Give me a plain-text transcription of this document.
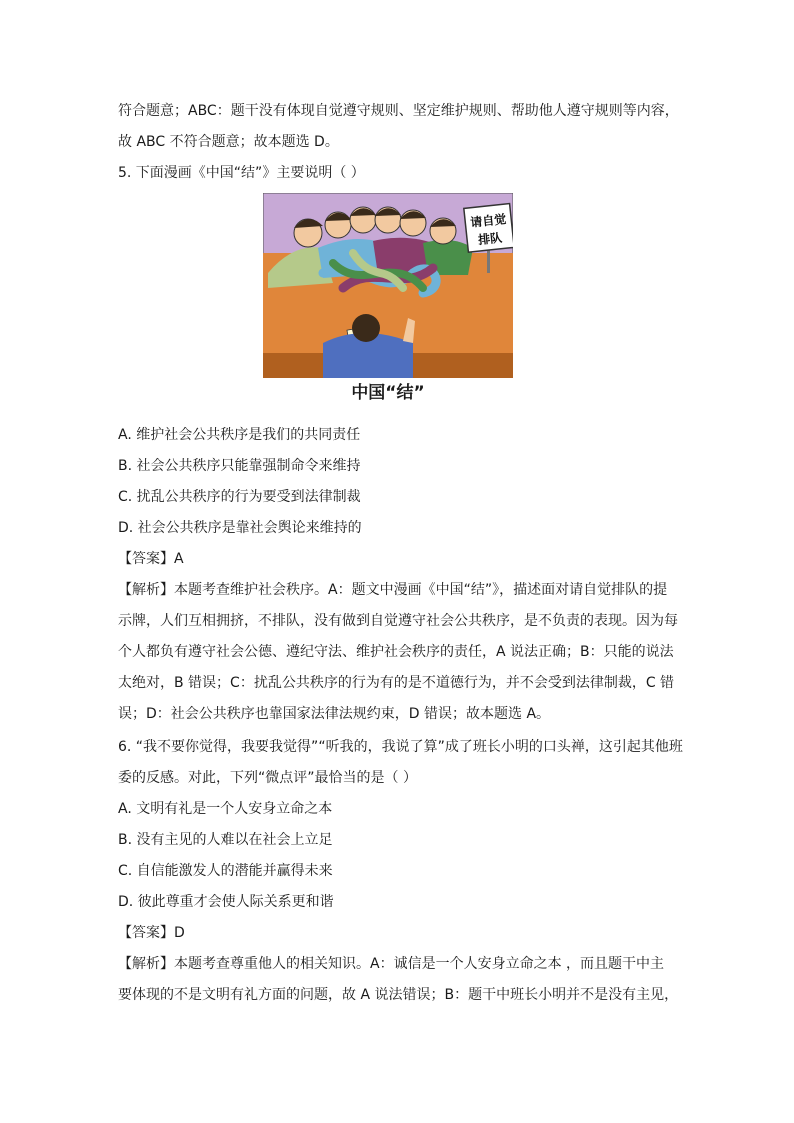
符合题意；ABC：题干没有体现自觉遵守规则、坚定维护规则、帮助他人遵守规则等内容，
故 ABC 不符合题意；故本题选 D。
5. 下面漫画《中国“结”》主要说明（ ）
请自觉
排队
中国“结”
A. 维护社会公共秩序是我们的共同责任
B. 社会公共秩序只能靠强制命令来维持
C. 扰乱公共秩序的行为要受到法律制裁
D. 社会公共秩序是靠社会舆论来维持的
【答案】A
【解析】本题考查维护社会秩序。A：题文中漫画《中国“结”》，描述面对请自觉排队的提
示牌，人们互相拥挤，不排队，没有做到自觉遵守社会公共秩序，是不负责的表现。因为每
个人都负有遵守社会公德、遵纪守法、维护社会秩序的责任，A 说法正确；B：只能的说法
太绝对，B 错误；C：扰乱公共秩序的行为有的是不道德行为，并不会受到法律制裁，C 错
误；D：社会公共秩序也靠国家法律法规约束，D 错误；故本题选 A。
6. “我不要你觉得，我要我觉得”“听我的，我说了算”成了班长小明的口头禅，这引起其他班
委的反感。对此，下列“微点评”最恰当的是（ ）
A. 文明有礼是一个人安身立命之本
B. 没有主见的人难以在社会上立足
C. 自信能激发人的潜能并赢得未来
D. 彼此尊重才会使人际关系更和谐
【答案】D
【解析】本题考查尊重他人的相关知识。A：诚信是一个人安身立命之本 ，而且题干中主
要体现的不是文明有礼方面的问题，故 A 说法错误；B：题干中班长小明并不是没有主见，
